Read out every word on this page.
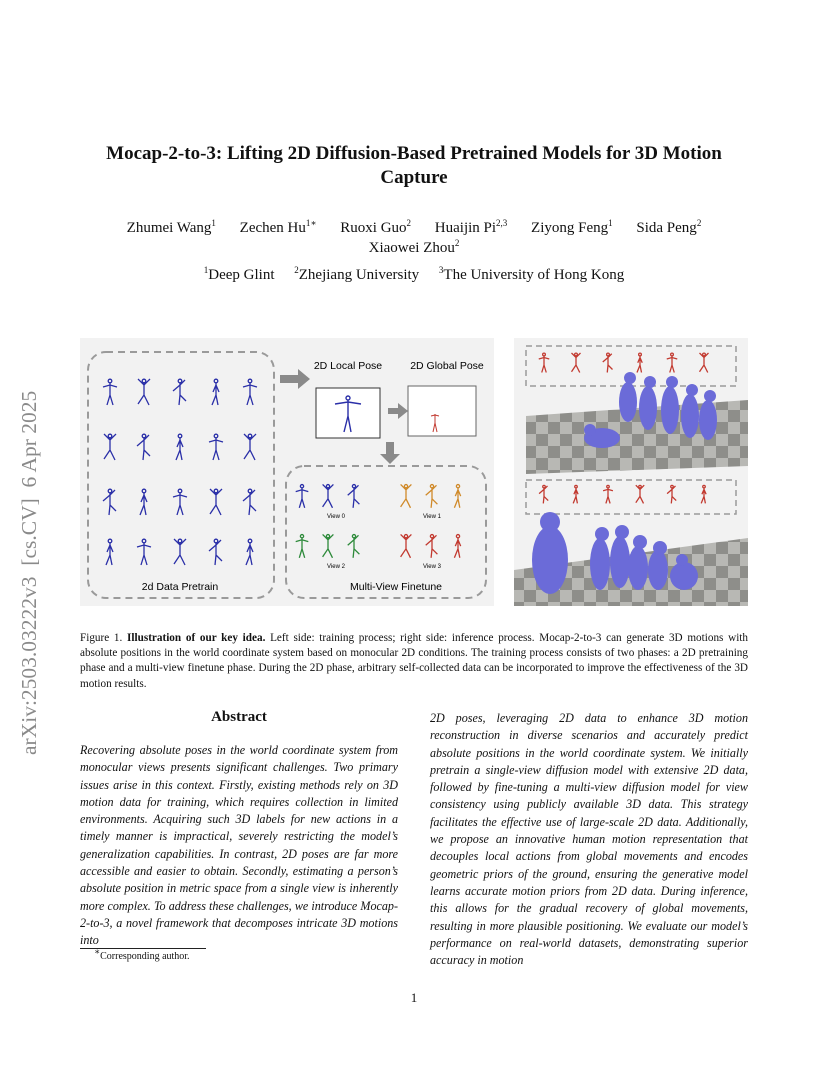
arXiv:2503.03222v3  [cs.CV]  6 Apr 2025
Mocap-2-to-3: Lifting 2D Diffusion-Based Pretrained Models for 3D Motion Capture
Zhumei Wang$^1$ Zechen $Hu^{1∗}$ Ruoxi Guo$^2$ Huaijin Pi$^{2,3}$ Ziyong Feng$^1$ Sida Peng$^2$
Xiaowei Zhou$^2$
$^1$Deep Glint $^2$Zhejiang University $^3$The University of Hong Kong
2d Data Pretrain
2D Local Pose	2D Global Pose
View 0	View 1
View 2	View 3
Multi-View Finetune
Figure 1. Illustration of our key idea. Left side: training process; right side: inference process. Mocap-2-to-3 can generate 3D motions with absolute positions in the world coordinate system based on monocular 2D conditions. The training process consists of two phases: a 2D pretraining phase and a multi-view finetune phase. During the 2D phase, arbitrary self-collected data can be incorporated to improve the effectiveness of the 3D motion results.
Abstract
Recovering absolute poses in the world coordinate system from monocular views presents significant challenges. Two primary issues arise in this context. Firstly, existing methods rely on 3D motion data for training, which requires collection in limited environments. Acquiring such 3D labels for new actions in a timely manner is impractical, severely restricting the model’s generalization capabilities. In contrast, 2D poses are far more accessible and easier to obtain. Secondly, estimating a person’s absolute position in metric space from a single view is inherently more complex. To address these challenges, we introduce Mocap-2-to-3, a novel framework that decomposes intricate 3D motions into
2D poses, leveraging 2D data to enhance 3D motion reconstruction in diverse scenarios and accurately predict absolute positions in the world coordinate system. We initially pretrain a single-view diffusion model with extensive 2D data, followed by fine-tuning a multi-view diffusion model for view consistency using publicly available 3D data. This strategy facilitates the effective use of large-scale 2D data. Additionally, we propose an innovative human motion representation that decouples local actions from global movements and encodes geometric priors of the ground, ensuring the generative model learns accurate motion priors from 2D data. During inference, this allows for the gradual recovery of global movements, resulting in more plausible positioning. We evaluate our model’s performance on real-world datasets, demonstrating superior accuracy in motion
∗Corresponding author.
1
